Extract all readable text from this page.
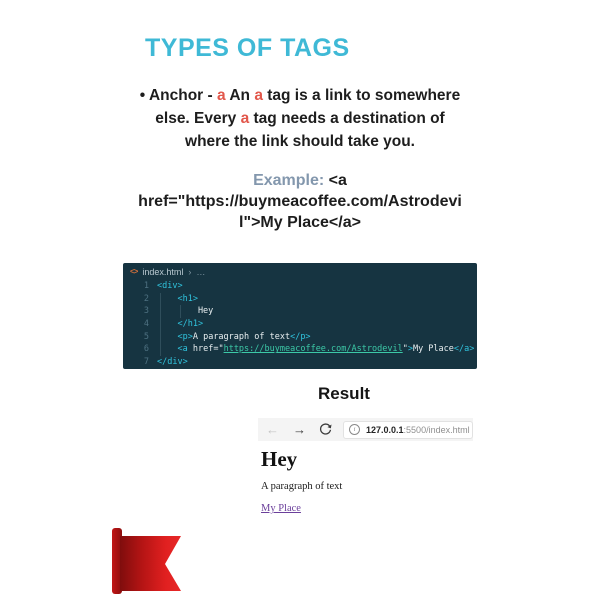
TYPES OF TAGS
• Anchor - a An a tag is a link to somewhere
else. Every a tag needs a destination of
where the link should take you.
Example: <a
href="https://buymeacoffee.com/Astrodevi
l">My Place</a>
<> index.html › …
1 <div>
2	<h1>
3 Hey
4	</h1>
5	<p>A paragraph of text</p>
6	<a href="https://buymeacoffee.com/Astrodevil">My Place</a>
7 </div>
Result
← →	i	127.0.0.1:5500/index.html
Hey
A paragraph of text
My Place
